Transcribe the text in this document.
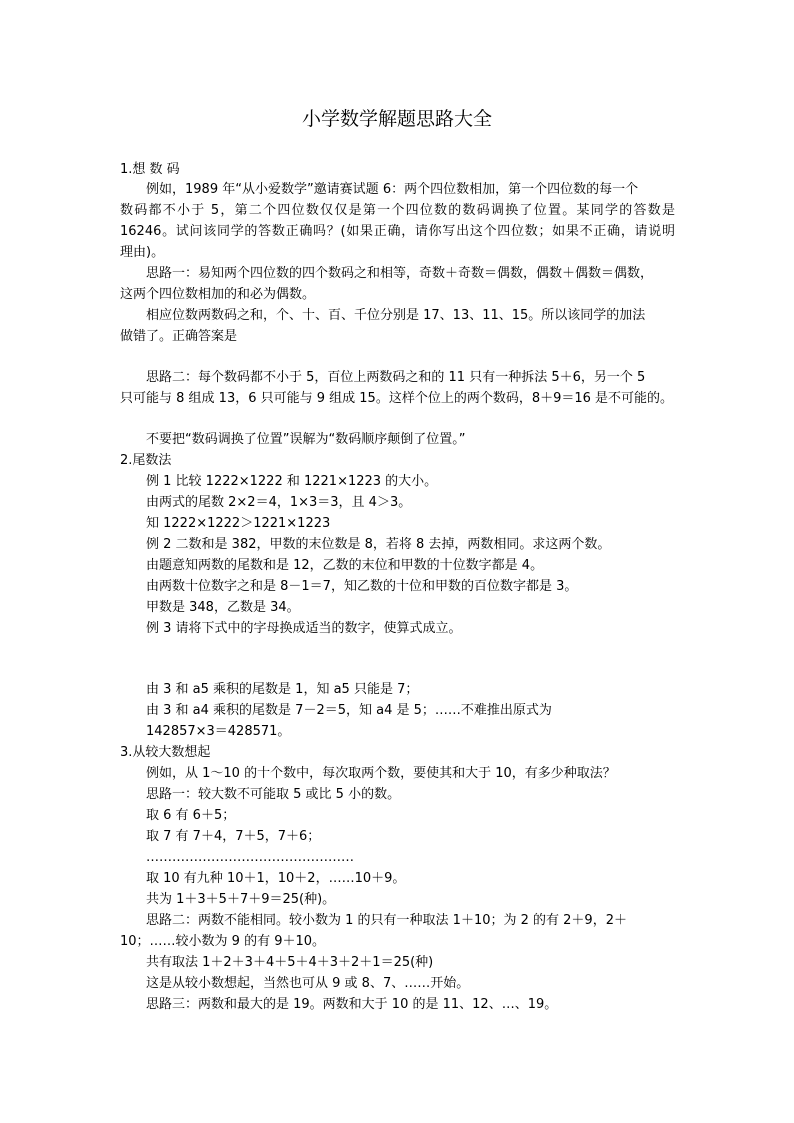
小学数学解题思路大全
1.想 数 码
例如，1989 年“从小爱数学”邀请赛试题 6：两个四位数相加，第一个四位数的每一个
数码都不小于 5，第二个四位数仅仅是第一个四位数的数码调换了位置。某同学的答数是
16246。试问该同学的答数正确吗？(如果正确，请你写出这个四位数；如果不正确，请说明
理由)。
思路一：易知两个四位数的四个数码之和相等，奇数＋奇数＝偶数，偶数＋偶数＝偶数，
这两个四位数相加的和必为偶数。
相应位数两数码之和，个、十、百、千位分别是 17、13、11、15。所以该同学的加法
做错了。正确答案是
思路二：每个数码都不小于 5，百位上两数码之和的 11 只有一种拆法 5＋6，另一个 5
只可能与 8 组成 13，6 只可能与 9 组成 15。这样个位上的两个数码，8＋9＝16 是不可能的。
不要把“数码调换了位置”误解为“数码顺序颠倒了位置。”
2.尾数法
例 1 比较 1222×1222 和 1221×1223 的大小。
由两式的尾数 2×2＝4，1×3＝3，且 4＞3。
知 1222×1222＞1221×1223
例 2 二数和是 382，甲数的末位数是 8，若将 8 去掉，两数相同。求这两个数。
由题意知两数的尾数和是 12，乙数的末位和甲数的十位数字都是 4。
由两数十位数字之和是 8－1＝7，知乙数的十位和甲数的百位数字都是 3。
甲数是 348，乙数是 34。
例 3 请将下式中的字母换成适当的数字，使算式成立。
由 3 和 a5 乘积的尾数是 1，知 a5 只能是 7；
由 3 和 a4 乘积的尾数是 7－2＝5，知 a4 是 5；……不难推出原式为
142857×3＝428571。
3.从较大数想起
例如，从 1～10 的十个数中，每次取两个数，要使其和大于 10，有多少种取法？
思路一：较大数不可能取 5 或比 5 小的数。
取 6 有 6＋5；
取 7 有 7＋4，7＋5，7＋6；
…………………………………………
取 10 有九种 10＋1，10＋2，……10＋9。
共为 1＋3＋5＋7＋9＝25(种)。
思路二：两数不能相同。较小数为 1 的只有一种取法 1＋10；为 2 的有 2＋9，2＋
10；……较小数为 9 的有 9＋10。
共有取法 1＋2＋3＋4＋5＋4＋3＋2＋1＝25(种)
这是从较小数想起，当然也可从 9 或 8、7、……开始。
思路三：两数和最大的是 19。两数和大于 10 的是 11、12、…、19。
